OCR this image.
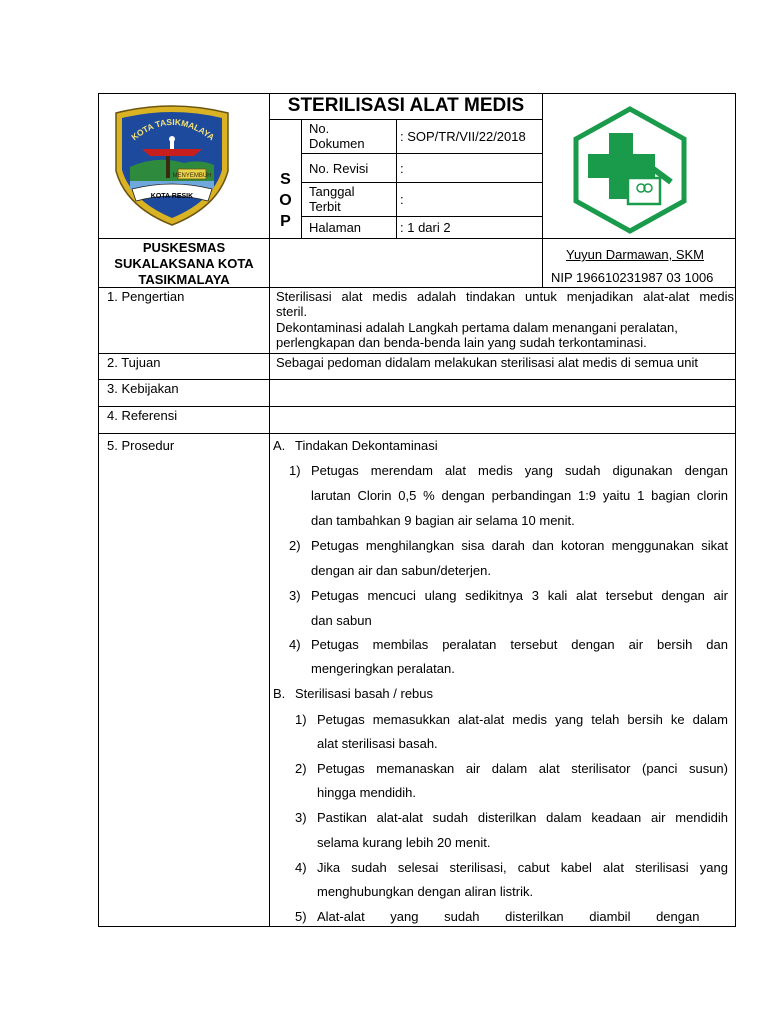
KOTA TASIKMALAYA
MENYEMBUH
KOTA RESIK
STERILISASI ALAT MEDIS
S
O
P
No.
Dokumen	: SOP/TR/VII/22/2018
No. Revisi :
Tanggal
Terbit	:
Halaman	: 1 dari 2
PUSKESMAS
SUKALAKSANA KOTA
TASIKMALAYA
Yuyun Darmawan, SKM
NIP 196610231987 03 1006
1. Pengertian	Sterilisasi alat medis adalah tindakan untuk menjadikan alat-alat medis
steril.
Dekontaminasi adalah Langkah pertama dalam menangani peralatan,
perlengkapan dan benda-benda lain yang sudah terkontaminasi.
2. Tujuan	Sebagai pedoman didalam melakukan sterilisasi alat medis di semua unit
3. Kebijakan
4. Referensi
5. Prosedur	A. Tindakan Dekontaminasi
1) Petugas merendam alat medis yang sudah digunakan dengan
larutan Clorin 0,5 % dengan perbandingan 1:9 yaitu 1 bagian clorin
dan tambahkan 9 bagian air selama 10 menit.
2) Petugas menghilangkan sisa darah dan kotoran menggunakan sikat
dengan air dan sabun/deterjen.
3) Petugas mencuci ulang sedikitnya 3 kali alat tersebut dengan air
dan sabun
4) Petugas membilas peralatan tersebut dengan air bersih dan
mengeringkan peralatan.
B. Sterilisasi basah / rebus
1) Petugas memasukkan alat-alat medis yang telah bersih ke dalam
alat sterilisasi basah.
2) Petugas memanaskan air dalam alat sterilisator (panci susun)
hingga mendidih.
3) Pastikan alat-alat sudah disterilkan dalam keadaan air mendidih
selama kurang lebih 20 menit.
4) Jika sudah selesai sterilisasi, cabut kabel alat sterilisasi yang
menghubungkan dengan aliran listrik.
5) Alat-alat yang sudah disterilkan diambil dengan
